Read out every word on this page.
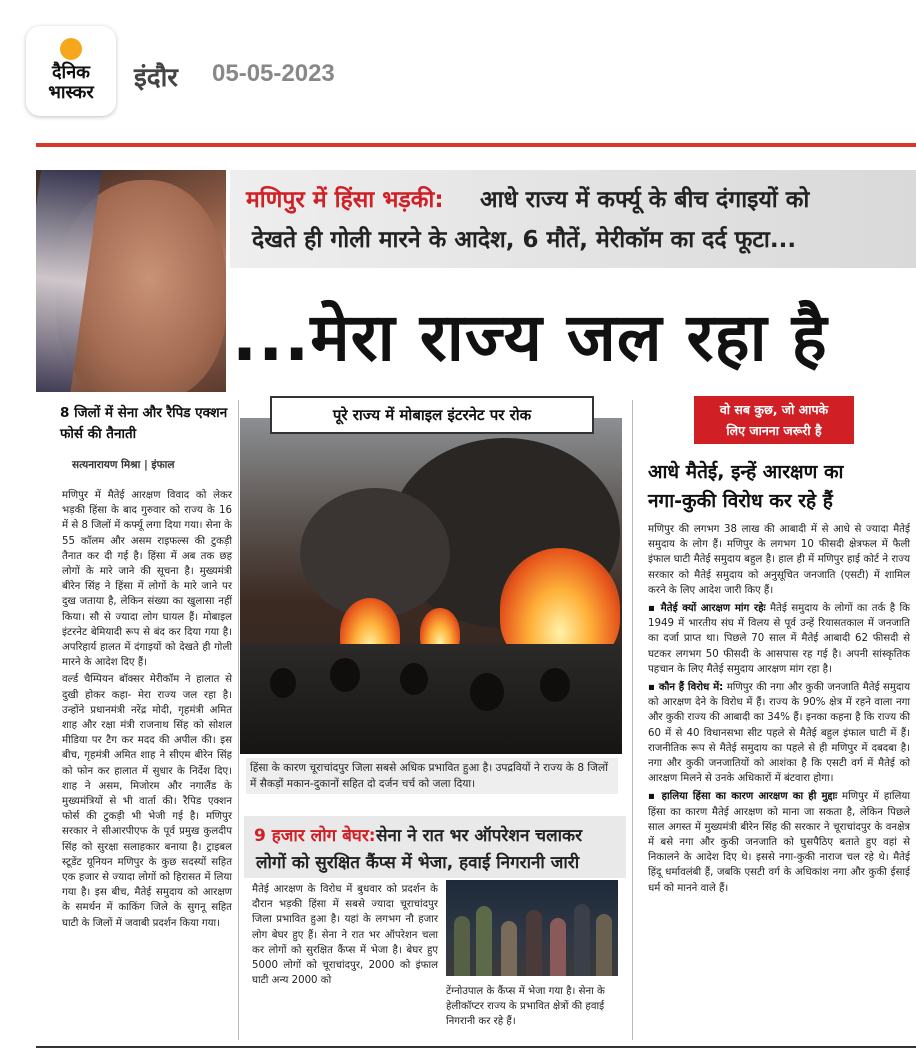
दैनिक
भास्कर	इंदौर 05-05-2023
मणिपुर में हिंसा भड़की: आधे राज्य में कर्फ्यू के बीच दंगाइयों को
देखते ही गोली मारने के आदेश, 6 मौतें, मेरीकॉम का दर्द फूटा...
...मेरा राज्य जल रहा है
8 जिलों में सेना और रैपिड एक्शन फोर्स की तैनाती
सत्यनारायण मिश्रा | इंफाल

मणिपुर में मैतेई आरक्षण विवाद को लेकर भड़की हिंसा के बाद गुरुवार को राज्य के 16 में से 8 जिलों में कर्फ्यू लगा दिया गया। सेना के 55 कॉलम और असम राइफल्स की टुकड़ी तैनात कर दी गई है। हिंसा में अब तक छह लोगों के मारे जाने की सूचना है। मुख्यमंत्री बीरेन सिंह ने हिंसा में लोगों के मारे जाने पर दुख जताया है, लेकिन संख्या का खुलासा नहीं किया। सौ से ज्यादा लोग घायल हैं। मोबाइल इंटरनेट बेमियादी रूप से बंद कर दिया गया है। अपरिहार्य हालत में दंगाइयों को देखते ही गोली मारने के आदेश दिए हैं।

वर्ल्ड चैम्पियन बॉक्सर मेरीकॉम ने हालात से दुखी होकर कहा- मेरा राज्य जल रहा है। उन्होंने प्रधानमंत्री नरेंद्र मोदी, गृहमंत्री अमित शाह और रक्षा मंत्री राजनाथ सिंह को सोशल मीडिया पर टैग कर मदद की अपील की। इस बीच, गृहमंत्री अमित शाह ने सीएम बीरेन सिंह को फोन कर हालात में सुधार के निर्देश दिए। शाह ने असम, मिजोरम और नगालैंड के मुख्यमंत्रियों से भी वार्ता की। रैपिड एक्शन फोर्स की टुकड़ी भी भेजी गई है। मणिपुर सरकार ने सीआरपीएफ के पूर्व प्रमुख कुलदीप सिंह को सुरक्षा सलाहकार बनाया है। ट्राइबल स्टूडेंट यूनियन मणिपुर के कुछ सदस्यों सहित एक हजार से ज्यादा लोगों को हिरासत में लिया गया है। इस बीच, मैतेई समुदाय को आरक्षण के समर्थन में काकिंग जिले के सुगनू सहित घाटी के जिलों में जवाबी प्रदर्शन किया गया।

पूरे राज्य में मोबाइल इंटरनेट पर रोक
हिंसा के कारण चूराचांदपुर जिला सबसे अधिक प्रभावित हुआ है। उपद्रवियों ने राज्य के 8 जिलों में सैकड़ों मकान-दुकानों सहित दो दर्जन चर्च को जला दिया।
9 हजार लोग बेघर: सेना ने रात भर ऑपरेशन चलाकर
लोगों को सुरक्षित कैंप्स में भेजा, हवाई निगरानी जारी
मैतेई आरक्षण के विरोध में बुधवार को प्रदर्शन के दौरान भड़की हिंसा में सबसे ज्यादा चूराचांदपुर जिला प्रभावित हुआ है। यहां के लगभग नौ हजार लोग बेघर हुए हैं। सेना ने रात भर ऑपरेशन चला कर लोगों को सुरक्षित कैंप्स में भेजा है। बेघर हुए 5000 लोगों को चूराचांदपुर, 2000 को इंफाल घाटी अन्य 2000 को
टेंग्नोउपाल के कैंप्स में भेजा गया है। सेना के हेलीकॉप्टर राज्य के प्रभावित क्षेत्रों की हवाई निगरानी कर रहे हैं।
वो सब कुछ, जो आपके
लिए जानना जरूरी है
आधे मैतेई, इन्हें आरक्षण का
नगा-कुकी विरोध कर रहे हैं

मणिपुर की लगभग 38 लाख की आबादी में से आधे से ज्यादा मैतेई समुदाय के लोग हैं। मणिपुर के लगभग 10 फीसदी क्षेत्रफल में फैली इंफाल घाटी मैतेई समुदाय बहुल है। हाल ही में मणिपुर हाई कोर्ट ने राज्य सरकार को मैतेई समुदाय को अनुसूचित जनजाति (एसटी) में शामिल करने के लिए आदेश जारी किए हैं।

▪ मैतेई क्यों आरक्षण मांग रहेः मैतेई समुदाय के लोगों का तर्क है कि 1949 में भारतीय संघ में विलय से पूर्व उन्हें रियासतकाल में जनजाति का दर्जा प्राप्त था। पिछले 70 साल में मैतेई आबादी 62 फीसदी से घटकर लगभग 50 फीसदी के आसपास रह गई है। अपनी सांस्कृतिक पहचान के लिए मैतेई समुदाय आरक्षण मांग रहा है।

▪ कौन हैं विरोध में: मणिपुर की नगा और कुकी जनजाति मैतेई समुदाय को आरक्षण देने के विरोध में हैं। राज्य के 90% क्षेत्र में रहने वाला नगा और कुकी राज्य की आबादी का 34% हैं। इनका कहना है कि राज्य की 60 में से 40 विधानसभा सीट पहले से मैतेई बहुल इंफाल घाटी में हैं। राजनीतिक रूप से मैतेई समुदाय का पहले से ही मणिपुर में दबदबा है। नगा और कुकी जनजातियों को आशंका है कि एसटी वर्ग में मैतेई को आरक्षण मिलने से उनके अधिकारों में बंटवारा होगा।

▪ हालिया हिंसा का कारण आरक्षण का ही मुद्दाः मणिपुर में हालिया हिंसा का कारण मैतेई आरक्षण को माना जा सकता है, लेकिन पिछले साल अगस्त में मुख्यमंत्री बीरेन सिंह की सरकार ने चूराचांदपुर के वनक्षेत्र में बसे नगा और कुकी जनजाति को घुसपैठिए बताते हुए वहां से निकालने के आदेश दिए थे। इससे नगा-कुकी नाराज चल रहे थे। मैतेई हिंदू धर्मावलंबी हैं, जबकि एसटी वर्ग के अधिकांश नगा और कुकी ईसाई धर्म को मानने वाले हैं।
